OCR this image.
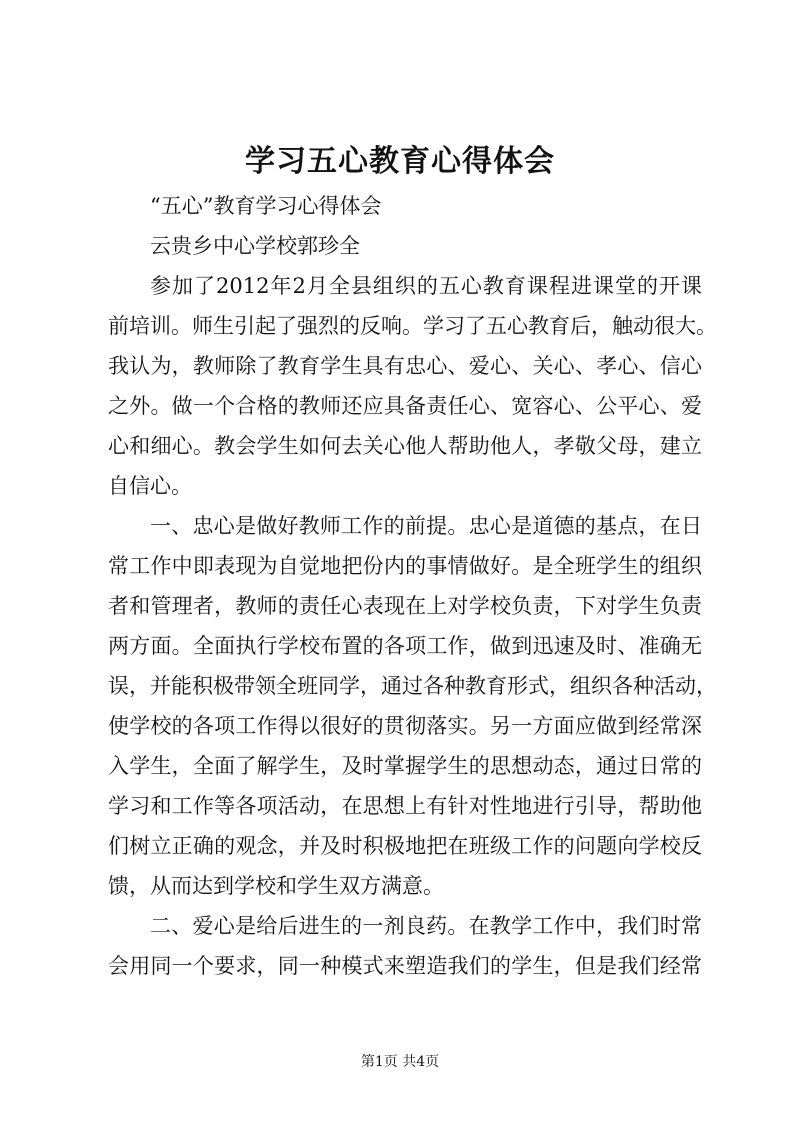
学习五心教育心得体会
“五心”教育学习心得体会
云贵乡中心学校郭珍全
参加了2012年2月全县组织的五心教育课程进课堂的开课
前培训。师生引起了强烈的反响。学习了五心教育后，触动很大。
我认为，教师除了教育学生具有忠心、爱心、关心、孝心、信心
之外。做一个合格的教师还应具备责任心、宽容心、公平心、爱
心和细心。教会学生如何去关心他人帮助他人，孝敬父母，建立
自信心。
一、忠心是做好教师工作的前提。忠心是道德的基点，在日
常工作中即表现为自觉地把份内的事情做好。是全班学生的组织
者和管理者，教师的责任心表现在上对学校负责，下对学生负责
两方面。全面执行学校布置的各项工作，做到迅速及时、准确无
误，并能积极带领全班同学，通过各种教育形式，组织各种活动，
使学校的各项工作得以很好的贯彻落实。另一方面应做到经常深
入学生，全面了解学生，及时掌握学生的思想动态，通过日常的
学习和工作等各项活动，在思想上有针对性地进行引导，帮助他
们树立正确的观念，并及时积极地把在班级工作的问题向学校反
馈，从而达到学校和学生双方满意。
二、爱心是给后进生的一剂良药。在教学工作中，我们时常
会用同一个要求，同一种模式来塑造我们的学生，但是我们经常
第1页 共4页
